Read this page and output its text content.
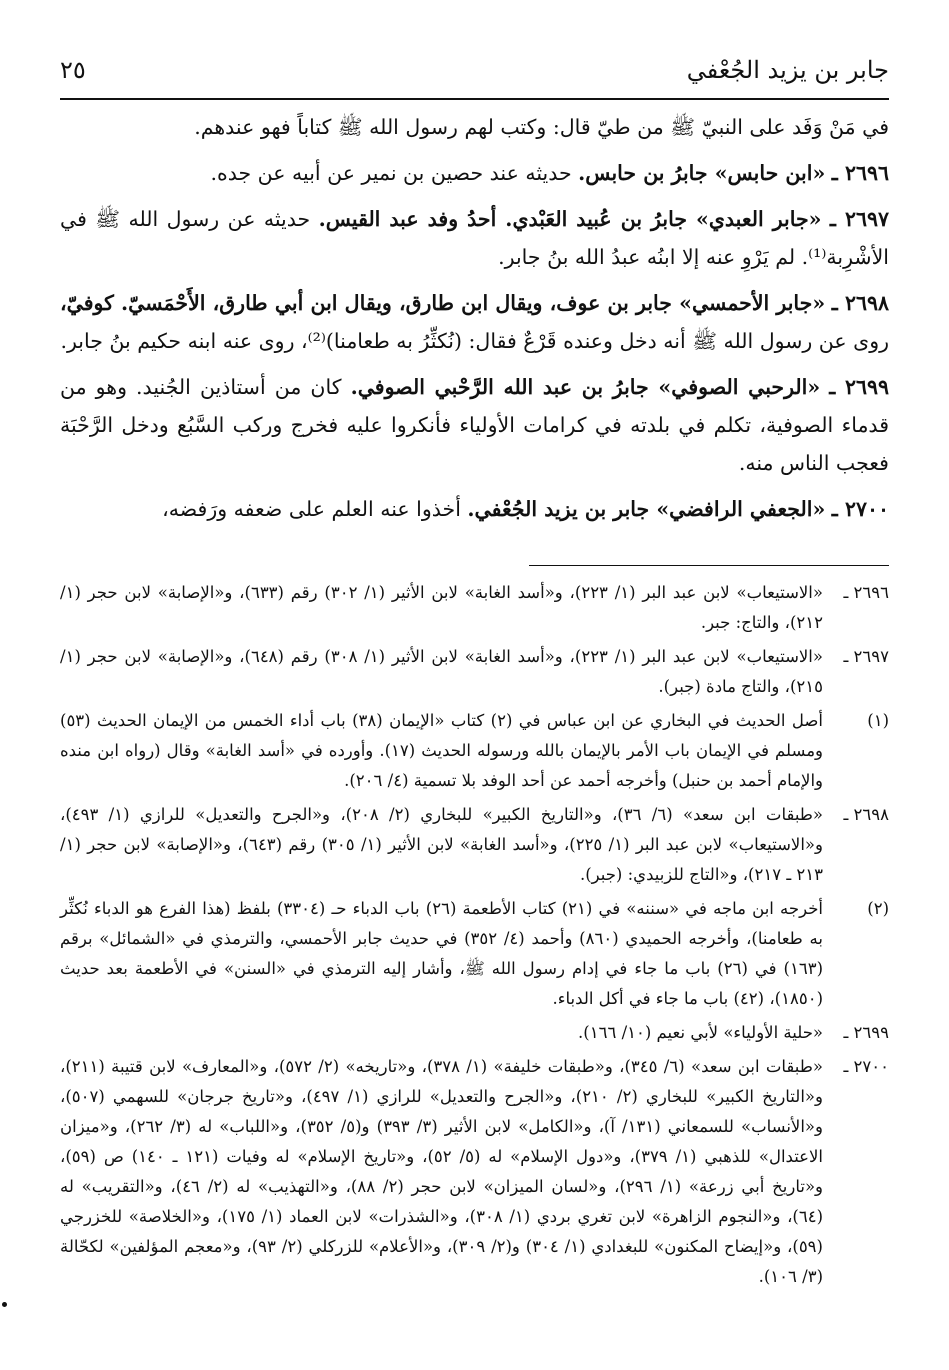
جابر بن يزيد الجُعْفي
٢٥

في مَنْ وَفَد على النبيّ ﷺ من طيّ قال: وكتب لهم رسول الله ﷺ كتاباً فهو عندهم.

٢٦٩٦ ـ «ابن حابس» جابرُ بن حابس. حديثه عند حصين بن نمير عن أبيه عن جده.

٢٦٩٧ ـ «جابر العبدي» جابرُ بن عُبيد العَبْدي. أحدُ وفد عبد القيس. حديثه عن رسول الله ﷺ في الأشْرِبة⁽¹⁾. لم يَرْوِ عنه إلا ابنُه عبدُ الله بنُ جابر.

٢٦٩٨ ـ «جابر الأحمسي» جابر بن عوف، ويقال ابن طارق، ويقال ابن أبي طارق، الأَحْمَسيّ. كوفيّ، روى عن رسول الله ﷺ أنه دخل وعنده قَرْعٌ فقال: (نُكثِّرُ به طعامنا)⁽²⁾، روى عنه ابنه حكيم بنُ جابر.

٢٦٩٩ ـ «الرحبي الصوفي» جابرُ بن عبد الله الرَّحْبي الصوفي. كان من أستاذين الجُنيد. وهو من قدماء الصوفية، تكلم في بلدته في كرامات الأولياء فأنكروا عليه فخرج وركب السَّبُع ودخل الرَّحْبَة فعجب الناس منه.

٢٧٠٠ ـ «الجعفي الرافضي» جابر بن يزيد الجُعْفي. أخذوا عنه العلم على ضعفه ورَفضه،

٢٦٩٦ ـ
«الاستيعاب» لابن عبد البر (١/ ٢٢٣)، و«أسد الغابة» لابن الأثير (١/ ٣٠٢) رقم (٦٣٣)، و«الإصابة» لابن حجر (١/ ٢١٢)، والتاج: جبر.
٢٦٩٧ ـ
«الاستيعاب» لابن عبد البر (١/ ٢٢٣)، و«أسد الغابة» لابن الأثير (١/ ٣٠٨) رقم (٦٤٨)، و«الإصابة» لابن حجر (١/ ٢١٥)، والتاج مادة (جبر).
(١)
أصل الحديث في البخاري عن ابن عباس في (٢) كتاب «الإيمان (٣٨) باب أداء الخمس من الإيمان الحديث (٥٣) ومسلم في الإيمان باب الأمر بالإيمان بالله ورسوله الحديث (١٧). وأورده في «أسد الغابة» وقال (رواه ابن منده والإمام أحمد بن حنبل) وأخرجه أحمد عن أحد الوفد بلا تسمية (٤/ ٢٠٦).
٢٦٩٨ ـ
«طبقات ابن سعد» (٦/ ٣٦)، و«التاريخ الكبير» للبخاري (٢/ ٢٠٨)، و«الجرح والتعديل» للرازي (١/ ٤٩٣)، و«الاستيعاب» لابن عبد البر (١/ ٢٢٥)، و«أسد الغابة» لابن الأثير (١/ ٣٠٥) رقم (٦٤٣)، و«الإصابة» لابن حجر (١/ ٢١٣ ـ ٢١٧)، و«التاج للزبيدي: (جبر).
(٢)
أخرجه ابن ماجه في «سننه» في (٢١) كتاب الأطعمة (٢٦) باب الدباء حـ (٣٣٠٤) بلفظ (هذا الفرع هو الدباء نُكثِّر به طعامنا)، وأخرجه الحميدي (٨٦٠) وأحمد (٤/ ٣٥٢) في حديث جابر الأحمسي، والترمذي في «الشمائل» برقم (١٦٣) في (٢٦) باب ما جاء في إدام رسول الله ﷺ، وأشار إليه الترمذي في «السنن» في الأطعمة بعد حديث (١٨٥٠)، (٤٢) باب ما جاء في أكل الدباء.
٢٦٩٩ ـ
«حلية الأولياء» لأبي نعيم (١٠/ ١٦٦).
٢٧٠٠ ـ
«طبقات ابن سعد» (٦/ ٣٤٥)، و«طبقات خليفة» (١/ ٣٧٨)، و«تاريخه» (٢/ ٥٧٢)، و«المعارف» لابن قتيبة (٢١١)، و«التاريخ الكبير» للبخاري (٢/ ٢١٠)، و«الجرح والتعديل» للرازي (١/ ٤٩٧)، و«تاريخ جرجان» للسهمي (٥٠٧)، و«الأنساب» للسمعاني (١٣١/ آ)، و«الكامل» لابن الأثير (٣/ ٣٩٣) و(٥/ ٣٥٢)، و«اللباب» له (٣/ ٢٦٢)، و«ميزان الاعتدال» للذهبي (١/ ٣٧٩)، و«دول الإسلام» له (٥/ ٥٢)، و«تاريخ الإسلام» له وفيات (١٢١ ـ ١٤٠) ص (٥٩)، و«تاريخ أبي زرعة» (١/ ٢٩٦)، و«لسان الميزان» لابن حجر (٢/ ٨٨)، و«التهذيب» له (٢/ ٤٦)، و«التقريب» له (٦٤)، و«النجوم الزاهرة» لابن تغري بردي (١/ ٣٠٨)، و«الشذرات» لابن العماد (١/ ١٧٥)، و«الخلاصة» للخزرجي (٥٩)، و«إيضاح المكنون» للبغدادي (١/ ٣٠٤) و(٢/ ٣٠٩)، و«الأعلام» للزركلي (٢/ ٩٣)، و«معجم المؤلفين» لكحّالة (٣/ ١٠٦).
